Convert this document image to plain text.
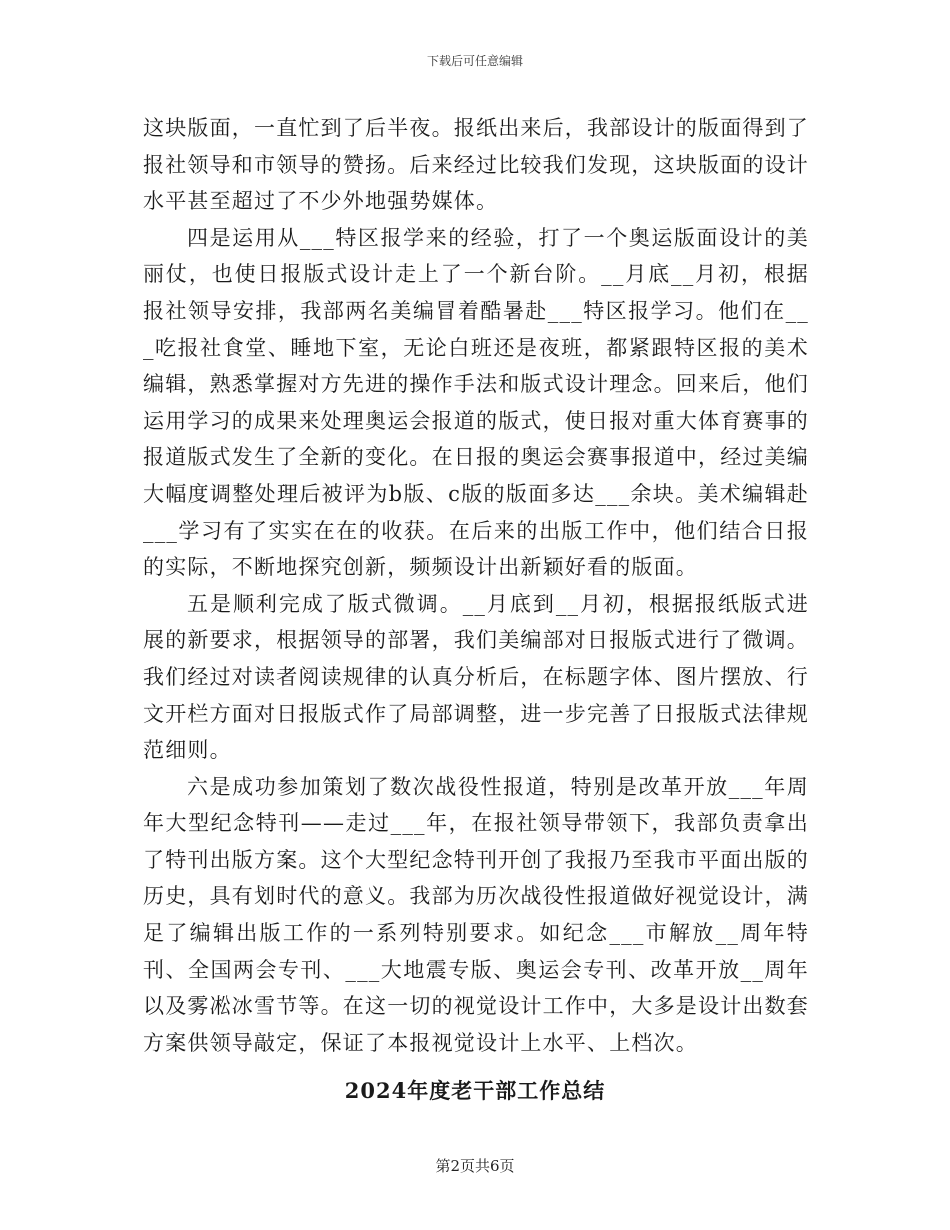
下载后可任意编辑

这块版面，一直忙到了后半夜。报纸出来后，我部设计的版面得到了报社领导和市领导的赞扬。后来经过比较我们发现，这块版面的设计水平甚至超过了不少外地强势媒体。

四是运用从___特区报学来的经验，打了一个奥运版面设计的美丽仗，也使日报版式设计走上了一个新台阶。__月底__月初，根据报社领导安排，我部两名美编冒着酷暑赴___特区报学习。他们在___吃报社食堂、睡地下室，无论白班还是夜班，都紧跟特区报的美术编辑，熟悉掌握对方先进的操作手法和版式设计理念。回来后，他们运用学习的成果来处理奥运会报道的版式，使日报对重大体育赛事的报道版式发生了全新的变化。在日报的奥运会赛事报道中，经过美编大幅度调整处理后被评为b版、c版的版面多达___余块。美术编辑赴___学习有了实实在在的收获。在后来的出版工作中，他们结合日报的实际，不断地探究创新，频频设计出新颖好看的版面。

五是顺利完成了版式微调。__月底到__月初，根据报纸版式进展的新要求，根据领导的部署，我们美编部对日报版式进行了微调。我们经过对读者阅读规律的认真分析后，在标题字体、图片摆放、行文开栏方面对日报版式作了局部调整，进一步完善了日报版式法律规范细则。

六是成功参加策划了数次战役性报道，特别是改革开放___年周年大型纪念特刊——走过___年，在报社领导带领下，我部负责拿出了特刊出版方案。这个大型纪念特刊开创了我报乃至我市平面出版的历史，具有划时代的意义。我部为历次战役性报道做好视觉设计，满足了编辑出版工作的一系列特别要求。如纪念___市解放__周年特刊、全国两会专刊、___大地震专版、奥运会专刊、改革开放__周年以及雾凇冰雪节等。在这一切的视觉设计工作中，大多是设计出数套方案供领导敲定，保证了本报视觉设计上水平、上档次。

2024年度老干部工作总结
第2页共6页
